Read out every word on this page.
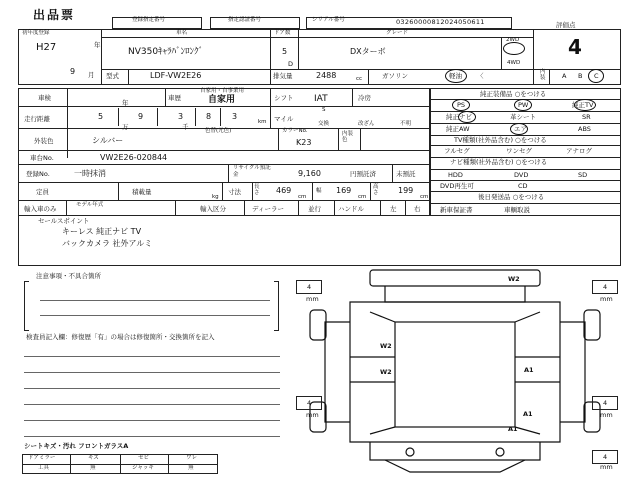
出品票	登録指定番号	指定認証番号	シリアル番号	03260000812024050611
初年度登録
H27	年
9 月
車名
NV350ｷｬﾗﾊﾞﾝﾛﾝｸﾞ
ドア数
5
D
グレード
DXターボ
2WD
4WD
評価点
4
型式	LDF-VW2E26	排気量	2488	cc	ガソリン	軽油 〈	内装	A B C
車検
年
車歴
自家用・自事業用
自家用	シフト IAT	冷房
走行距離	5	9	3	8	3
万	千
km マイル
S
交換	改ざん	不明
外装色	シルバー
色替(元色)	カラーNo.
K23
内装色
車台No.	VW2E26-020844
登録No.	一時抹消
リサイクル預託金	9,160	円預託済	未預託
定員	積載量
kg
寸法
長さ 469
cm
幅 169
cm
高さ 199
cm
輸入車のみ	モデル年式	輸入区分	ディーラー	並行	ハンドル	左	右
セールスポイント
キーレス 純正ナビ TV
バックカメラ 社外アルミ
純正装備品 ○をつける
PS	PW	純正TV
純正ナビ	革シート	SR
純正AW	エア	ABS
TV種類(社外品含む) ○をつける
フルセグ	ワンセグ	アナログ
ナビ種類(社外品含む) ○をつける
HDD	DVD	SD
DVD再生可	CD
後日発送品 ○をつける
新車保証書	車輌取説
注意事項・不具合箇所
検査員記入欄：修復歴「有」の場合は修復箇所・交換箇所を記入
シートキズ・汚れ フロントガラスA
ドアミラー	キズ	セビ	ワレ
工具	無	ジャッキ	無
W2
W2
W2	A1
A1
A1
4
mm
4
mm
4
mm
4
mm
4
mm
